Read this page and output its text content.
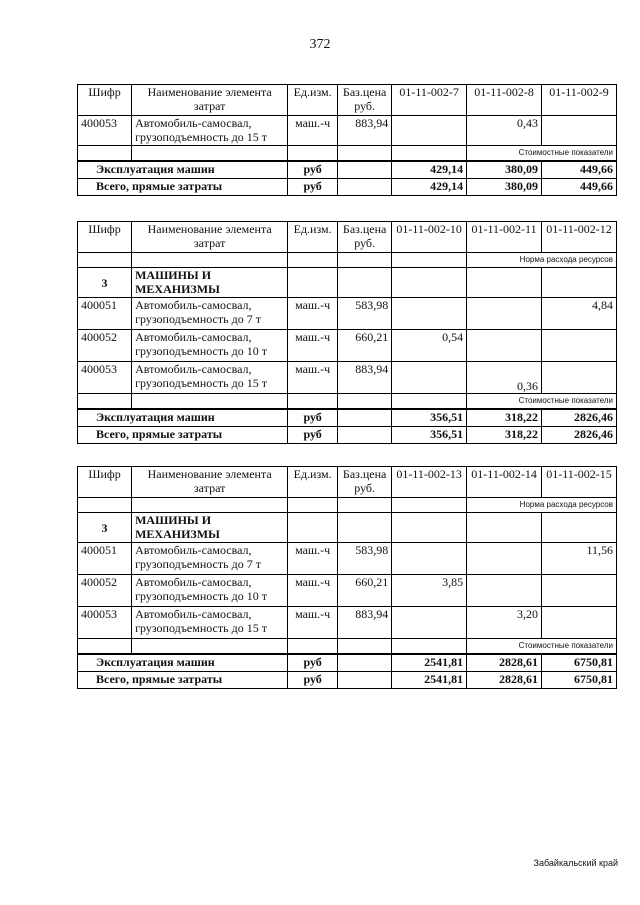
372
Шифр	Наименование элемента затрат	Ед.изм.	Баз.цена руб.	01-11-002-7	01-11-002-8	01-11-002-9
400053	Автомобиль-самосвал, грузоподъемность до 15 т	маш.-ч	883,94		0,43	
					Стоимостные показатели	
Эксплуатация машин		руб		429,14	380,09	449,66
Всего, прямые затраты		руб		429,14	380,09	449,66
Шифр	Наименование элемента затрат	Ед.изм.	Баз.цена руб.	01-11-002-10	01-11-002-11	01-11-002-12
					Норма расхода ресурсов	
3	МАШИНЫ И МЕХАНИЗМЫ					
400051	Автомобиль-самосвал, грузоподъемность до 7 т	маш.-ч	583,98			4,84
400052	Автомобиль-самосвал, грузоподъемность до 10 т	маш.-ч	660,21	0,54		
400053	Автомобиль-самосвал, грузоподъемность до 15 т	маш.-ч	883,94		0,36	
					Стоимостные показатели	
Эксплуатация машин		руб		356,51	318,22	2826,46
Всего, прямые затраты		руб		356,51	318,22	2826,46
Шифр	Наименование элемента затрат	Ед.изм.	Баз.цена руб.	01-11-002-13	01-11-002-14	01-11-002-15
					Норма расхода ресурсов	
3	МАШИНЫ И МЕХАНИЗМЫ					
400051	Автомобиль-самосвал, грузоподъемность до 7 т	маш.-ч	583,98			11,56
400052	Автомобиль-самосвал, грузоподъемность до 10 т	маш.-ч	660,21	3,85		
400053	Автомобиль-самосвал, грузоподъемность до 15 т	маш.-ч	883,94		3,20	
					Стоимостные показатели	
Эксплуатация машин		руб		2541,81	2828,61	6750,81
Всего, прямые затраты		руб		2541,81	2828,61	6750,81
Забайкальский край
